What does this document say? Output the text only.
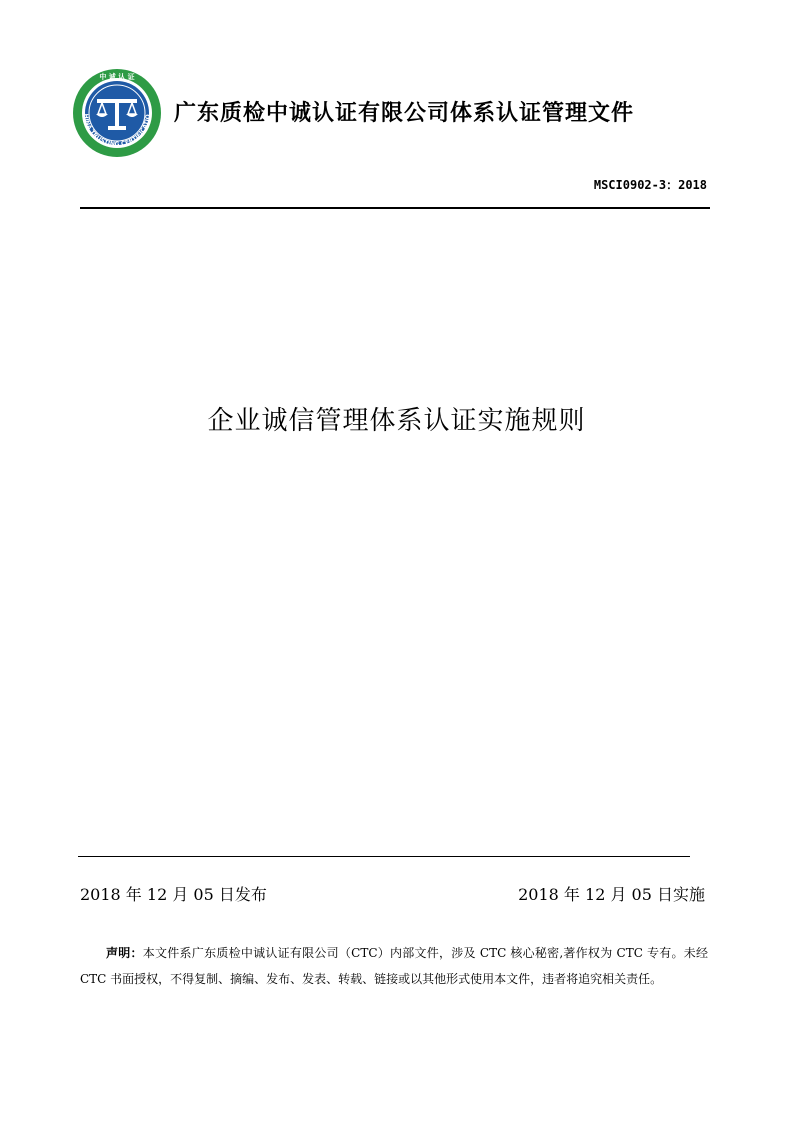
HINA TRUSTING CERTIFICATIO
中 诚 认 证
广东质检中诚认证有限公司体系认证管理文件
MSCI0902-3：2018
企业诚信管理体系认证实施规则
2018 年 12 月 05 日发布	2018 年 12 月 05 日实施
声明：本文件系广东质检中诚认证有限公司（CTC）内部文件，涉及 CTC 核心秘密,著作权为 CTC 专有。未经 CTC 书面授权，不得复制、摘编、发布、发表、转载、链接或以其他形式使用本文件，违者将追究相关责任。
